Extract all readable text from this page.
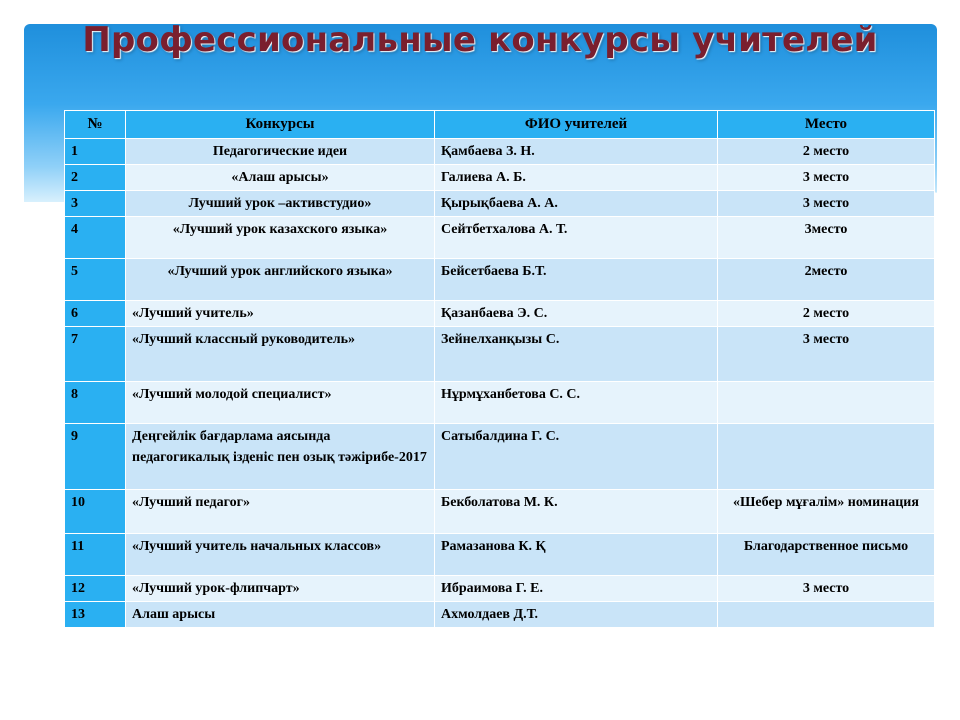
Профессиональные конкурсы учителей
№	Конкурсы	ФИО учителей	Место
1	Педагогические идеи	Қамбаева З. Н.	2 место
2	«Алаш арысы»	Галиева А. Б.	3 место
3	Лучший урок –активстудио»	Қырықбаева А. А.	3 место
4	«Лучший урок казахского языка»	Сейтбетхалова А. Т.	3место
5	«Лучший урок английского языка»	Бейсетбаева Б.Т.	2место
6	«Лучший учитель»	Қазанбаева Э. С.	2 место
7	«Лучший классный руководитель»	Зейнелханқызы С.	3 место
8	«Лучший молодой специалист»	Нұрмұханбетова С. С.	
9	Деңгейлік бағдарлама аясында педагогикалық ізденіс пен озық тәжірибе-2017	Сатыбалдина Г. С.	
10	«Лучший педагог»	Бекболатова М. К.	«Шебер мұғалім» номинация
11	«Лучший учитель начальных классов»	Рамазанова К. Қ	Благодарственное письмо
12	«Лучший урок-флипчарт»	Ибраимова Г. Е.	3 место
13	Алаш арысы	Ахмолдаев Д.Т.	
